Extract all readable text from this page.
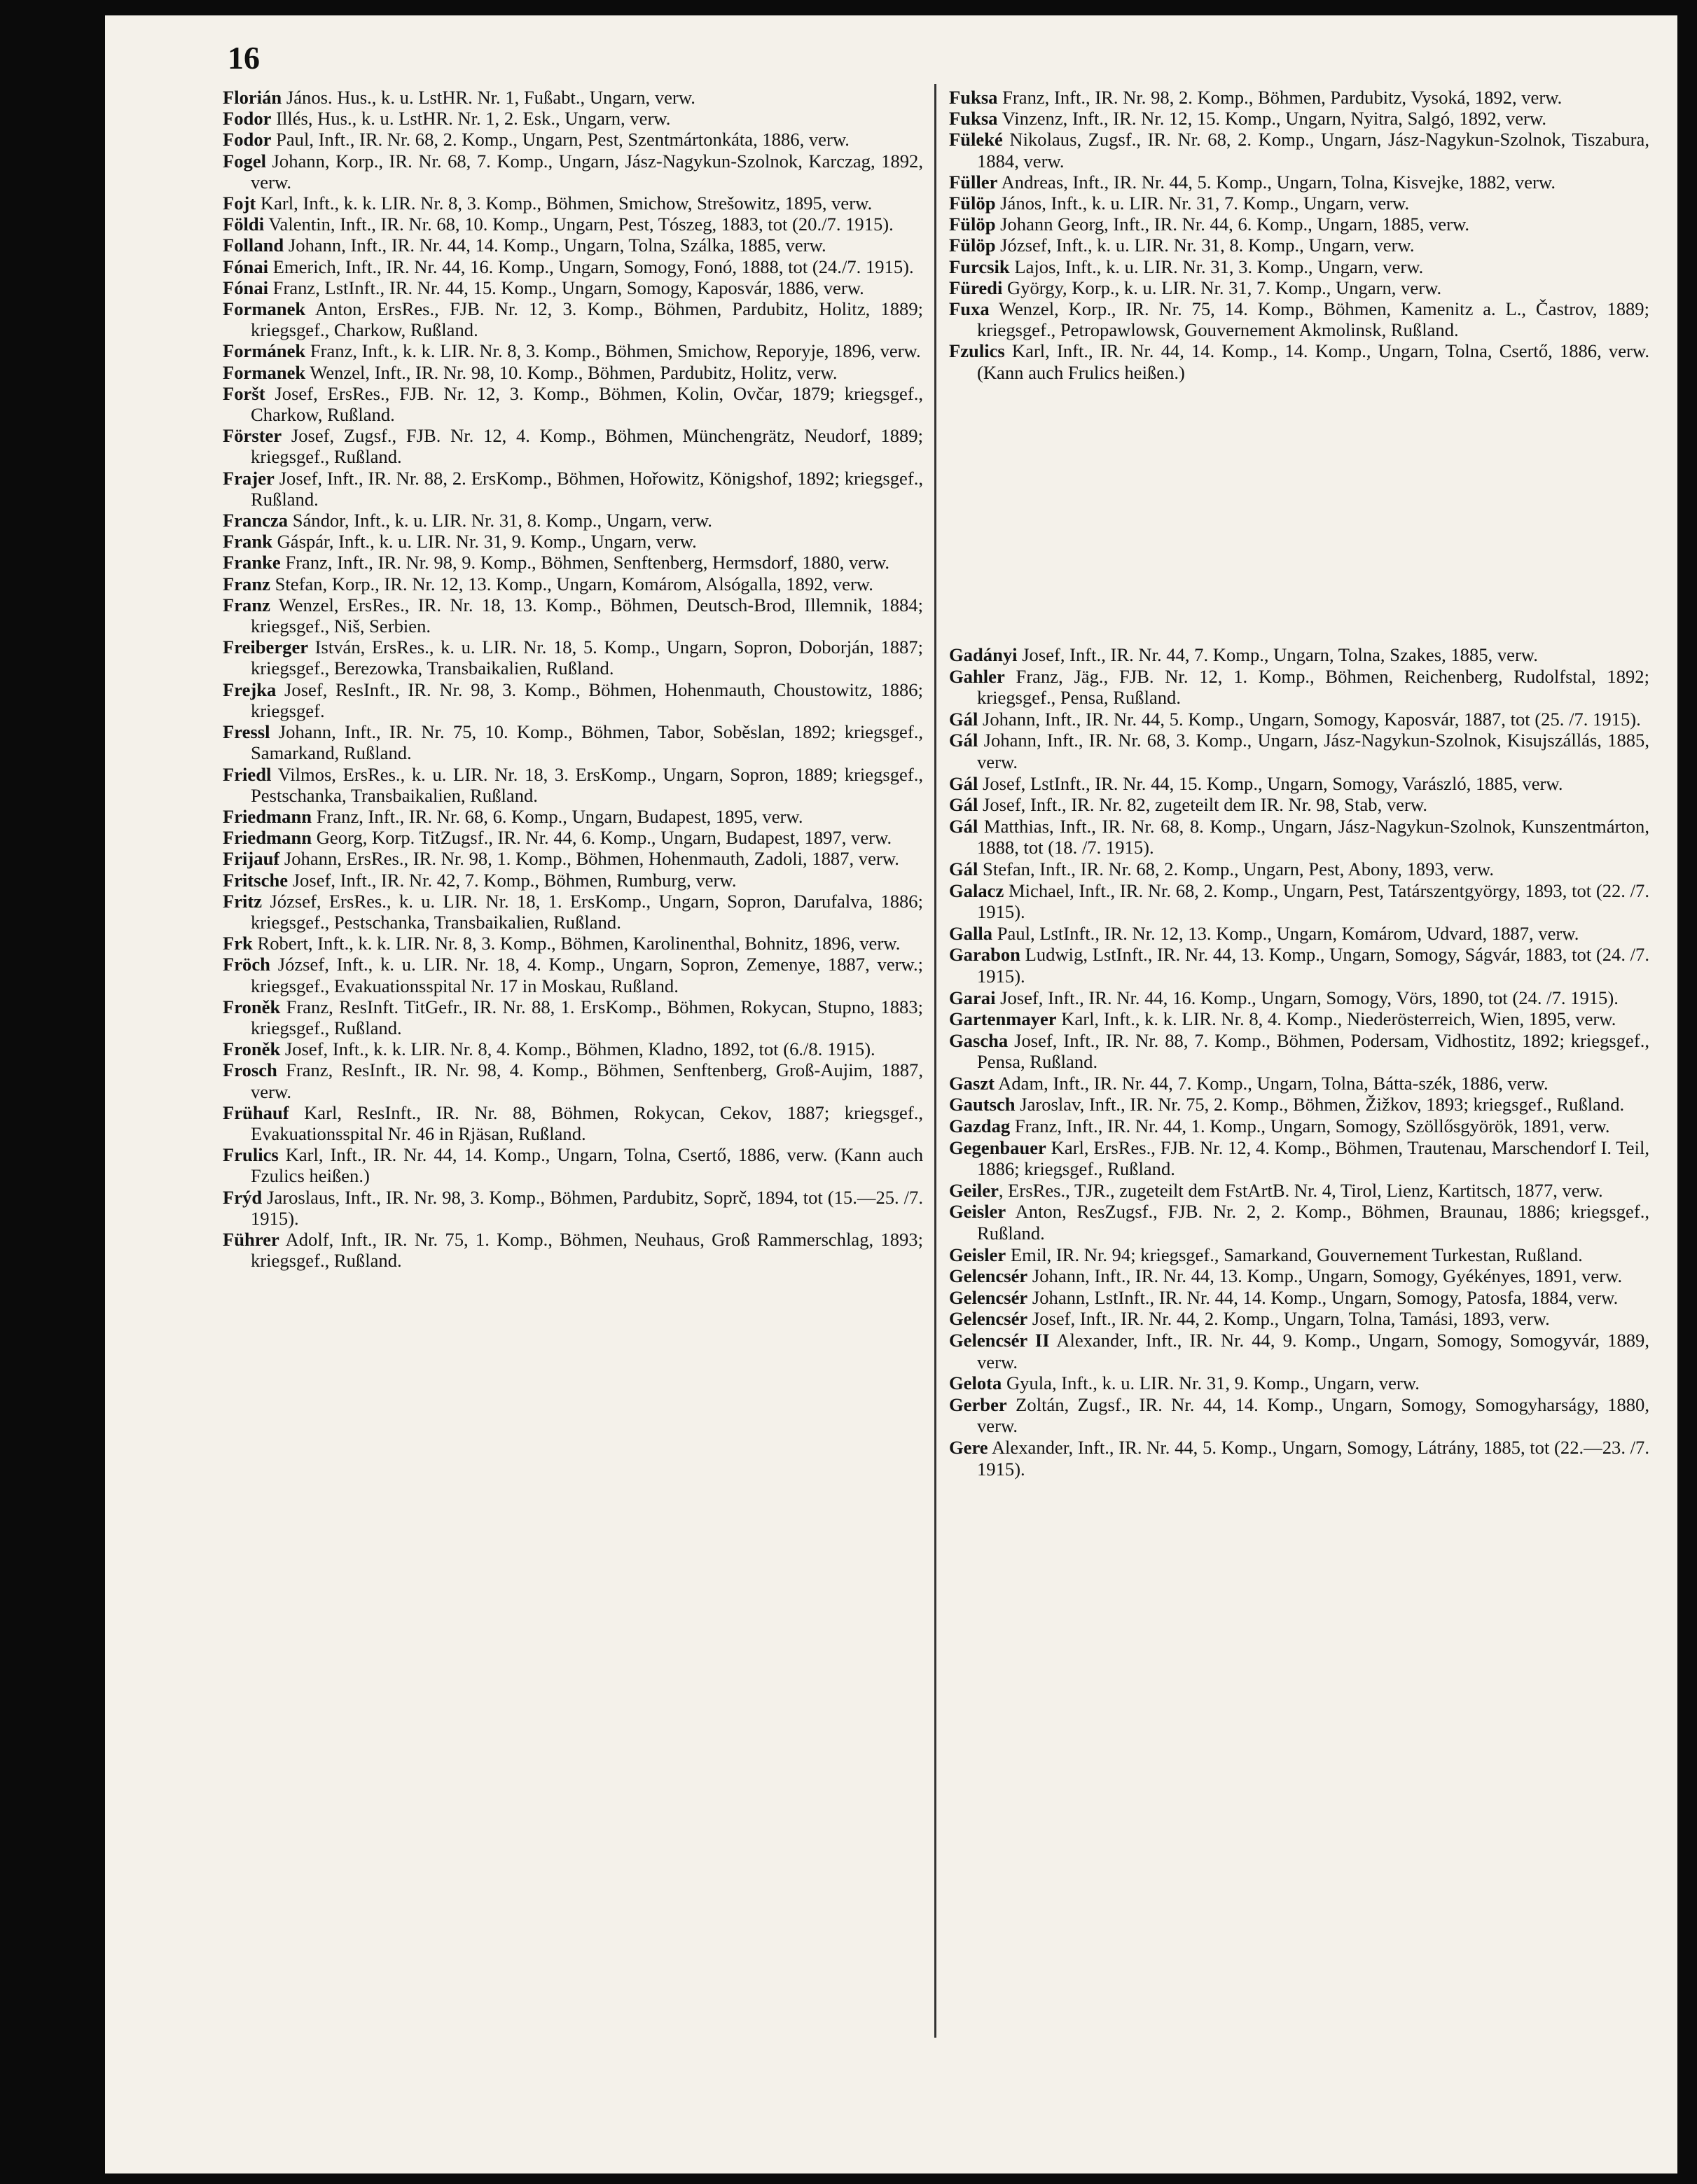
16
Florián János. Hus., k. u. LstHR. Nr. 1, Fußabt., Ungarn, verw.
Fodor Illés, Hus., k. u. LstHR. Nr. 1, 2. Esk., Ungarn, verw.
Fodor Paul, Inft., IR. Nr. 68, 2. Komp., Ungarn, Pest, Szentmártonkáta, 1886, verw.
Fogel Johann, Korp., IR. Nr. 68, 7. Komp., Ungarn, Jász-Nagykun-Szolnok, Karczag, 1892, verw.
Fojt Karl, Inft., k. k. LIR. Nr. 8, 3. Komp., Böhmen, Smichow, Strešowitz, 1895, verw.
Földi Valentin, Inft., IR. Nr. 68, 10. Komp., Ungarn, Pest, Tószeg, 1883, tot (20./7. 1915).
Folland Johann, Inft., IR. Nr. 44, 14. Komp., Ungarn, Tolna, Szálka, 1885, verw.
Fónai Emerich, Inft., IR. Nr. 44, 16. Komp., Ungarn, Somogy, Fonó, 1888, tot (24./7. 1915).
Fónai Franz, LstInft., IR. Nr. 44, 15. Komp., Ungarn, Somogy, Kaposvár, 1886, verw.
Formanek Anton, ErsRes., FJB. Nr. 12, 3. Komp., Böhmen, Pardubitz, Holitz, 1889; kriegsgef., Charkow, Rußland.
Formánek Franz, Inft., k. k. LIR. Nr. 8, 3. Komp., Böhmen, Smichow, Reporyje, 1896, verw.
Formanek Wenzel, Inft., IR. Nr. 98, 10. Komp., Böhmen, Pardubitz, Holitz, verw.
Foršt Josef, ErsRes., FJB. Nr. 12, 3. Komp., Böhmen, Kolin, Ovčar, 1879; kriegsgef., Charkow, Rußland.
Förster Josef, Zugsf., FJB. Nr. 12, 4. Komp., Böhmen, Münchengrätz, Neudorf, 1889; kriegsgef., Rußland.
Frajer Josef, Inft., IR. Nr. 88, 2. ErsKomp., Böhmen, Hořowitz, Königshof, 1892; kriegsgef., Rußland.
Francza Sándor, Inft., k. u. LIR. Nr. 31, 8. Komp., Ungarn, verw.
Frank Gáspár, Inft., k. u. LIR. Nr. 31, 9. Komp., Ungarn, verw.
Franke Franz, Inft., IR. Nr. 98, 9. Komp., Böhmen, Senftenberg, Hermsdorf, 1880, verw.
Franz Stefan, Korp., IR. Nr. 12, 13. Komp., Ungarn, Komárom, Alsógalla, 1892, verw.
Franz Wenzel, ErsRes., IR. Nr. 18, 13. Komp., Böhmen, Deutsch-Brod, Illemnik, 1884; kriegsgef., Niš, Serbien.
Freiberger István, ErsRes., k. u. LIR. Nr. 18, 5. Komp., Ungarn, Sopron, Doborján, 1887; kriegsgef., Berezowka, Transbaikalien, Rußland.
Frejka Josef, ResInft., IR. Nr. 98, 3. Komp., Böhmen, Hohenmauth, Choustowitz, 1886; kriegsgef.
Fressl Johann, Inft., IR. Nr. 75, 10. Komp., Böhmen, Tabor, Soběslan, 1892; kriegsgef., Samarkand, Rußland.
Friedl Vilmos, ErsRes., k. u. LIR. Nr. 18, 3. ErsKomp., Ungarn, Sopron, 1889; kriegsgef., Pestschanka, Transbaikalien, Rußland.
Friedmann Franz, Inft., IR. Nr. 68, 6. Komp., Ungarn, Budapest, 1895, verw.
Friedmann Georg, Korp. TitZugsf., IR. Nr. 44, 6. Komp., Ungarn, Budapest, 1897, verw.
Frijauf Johann, ErsRes., IR. Nr. 98, 1. Komp., Böhmen, Hohenmauth, Zadoli, 1887, verw.
Fritsche Josef, Inft., IR. Nr. 42, 7. Komp., Böhmen, Rumburg, verw.
Fritz József, ErsRes., k. u. LIR. Nr. 18, 1. ErsKomp., Ungarn, Sopron, Darufalva, 1886; kriegsgef., Pestschanka, Transbaikalien, Rußland.
Frk Robert, Inft., k. k. LIR. Nr. 8, 3. Komp., Böhmen, Karolinenthal, Bohnitz, 1896, verw.
Fröch József, Inft., k. u. LIR. Nr. 18, 4. Komp., Ungarn, Sopron, Zemenye, 1887, verw.; kriegsgef., Evakuationsspital Nr. 17 in Moskau, Rußland.
Froněk Franz, ResInft. TitGefr., IR. Nr. 88, 1. ErsKomp., Böhmen, Rokycan, Stupno, 1883; kriegsgef., Rußland.
Froněk Josef, Inft., k. k. LIR. Nr. 8, 4. Komp., Böhmen, Kladno, 1892, tot (6./8. 1915).
Frosch Franz, ResInft., IR. Nr. 98, 4. Komp., Böhmen, Senftenberg, Groß-Aujim, 1887, verw.
Frühauf Karl, ResInft., IR. Nr. 88, Böhmen, Rokycan, Cekov, 1887; kriegsgef., Evakuationsspital Nr. 46 in Rjäsan, Rußland.
Frulics Karl, Inft., IR. Nr. 44, 14. Komp., Ungarn, Tolna, Csertő, 1886, verw. (Kann auch Fzulics heißen.)
Frýd Jaroslaus, Inft., IR. Nr. 98, 3. Komp., Böhmen, Pardubitz, Soprč, 1894, tot (15.—25. /7. 1915).
Führer Adolf, Inft., IR. Nr. 75, 1. Komp., Böhmen, Neuhaus, Groß Rammerschlag, 1893; kriegsgef., Rußland.
Fuksa Franz, Inft., IR. Nr. 98, 2. Komp., Böhmen, Pardubitz, Vysoká, 1892, verw.
Fuksa Vinzenz, Inft., IR. Nr. 12, 15. Komp., Ungarn, Nyitra, Salgó, 1892, verw.
Füleké Nikolaus, Zugsf., IR. Nr. 68, 2. Komp., Ungarn, Jász-Nagykun-Szolnok, Tiszabura, 1884, verw.
Füller Andreas, Inft., IR. Nr. 44, 5. Komp., Ungarn, Tolna, Kisvejke, 1882, verw.
Fülöp János, Inft., k. u. LIR. Nr. 31, 7. Komp., Ungarn, verw.
Fülöp Johann Georg, Inft., IR. Nr. 44, 6. Komp., Ungarn, 1885, verw.
Fülöp József, Inft., k. u. LIR. Nr. 31, 8. Komp., Ungarn, verw.
Furcsik Lajos, Inft., k. u. LIR. Nr. 31, 3. Komp., Ungarn, verw.
Füredi György, Korp., k. u. LIR. Nr. 31, 7. Komp., Ungarn, verw.
Fuxa Wenzel, Korp., IR. Nr. 75, 14. Komp., Böhmen, Kamenitz a. L., Častrov, 1889; kriegsgef., Petropawlowsk, Gouvernement Akmolinsk, Rußland.
Fzulics Karl, Inft., IR. Nr. 44, 14. Komp., 14. Komp., Ungarn, Tolna, Csertő, 1886, verw. (Kann auch Frulics heißen.)
Gadányi Josef, Inft., IR. Nr. 44, 7. Komp., Ungarn, Tolna, Szakes, 1885, verw.
Gahler Franz, Jäg., FJB. Nr. 12, 1. Komp., Böhmen, Reichenberg, Rudolfstal, 1892; kriegsgef., Pensa, Rußland.
Gál Johann, Inft., IR. Nr. 44, 5. Komp., Ungarn, Somogy, Kaposvár, 1887, tot (25. /7. 1915).
Gál Johann, Inft., IR. Nr. 68, 3. Komp., Ungarn, Jász-Nagykun-Szolnok, Kisujszállás, 1885, verw.
Gál Josef, LstInft., IR. Nr. 44, 15. Komp., Ungarn, Somogy, Varászló, 1885, verw.
Gál Josef, Inft., IR. Nr. 82, zugeteilt dem IR. Nr. 98, Stab, verw.
Gál Matthias, Inft., IR. Nr. 68, 8. Komp., Ungarn, Jász-Nagykun-Szolnok, Kunszentmárton, 1888, tot (18. /7. 1915).
Gál Stefan, Inft., IR. Nr. 68, 2. Komp., Ungarn, Pest, Abony, 1893, verw.
Galacz Michael, Inft., IR. Nr. 68, 2. Komp., Ungarn, Pest, Tatárszentgyörgy, 1893, tot (22. /7. 1915).
Galla Paul, LstInft., IR. Nr. 12, 13. Komp., Ungarn, Komárom, Udvard, 1887, verw.
Garabon Ludwig, LstInft., IR. Nr. 44, 13. Komp., Ungarn, Somogy, Ságvár, 1883, tot (24. /7. 1915).
Garai Josef, Inft., IR. Nr. 44, 16. Komp., Ungarn, Somogy, Vörs, 1890, tot (24. /7. 1915).
Gartenmayer Karl, Inft., k. k. LIR. Nr. 8, 4. Komp., Niederösterreich, Wien, 1895, verw.
Gascha Josef, Inft., IR. Nr. 88, 7. Komp., Böhmen, Podersam, Vidhostitz, 1892; kriegsgef., Pensa, Rußland.
Gaszt Adam, Inft., IR. Nr. 44, 7. Komp., Ungarn, Tolna, Bátta-szék, 1886, verw.
Gautsch Jaroslav, Inft., IR. Nr. 75, 2. Komp., Böhmen, Žižkov, 1893; kriegsgef., Rußland.
Gazdag Franz, Inft., IR. Nr. 44, 1. Komp., Ungarn, Somogy, Szöllősgyörök, 1891, verw.
Gegenbauer Karl, ErsRes., FJB. Nr. 12, 4. Komp., Böhmen, Trautenau, Marschendorf I. Teil, 1886; kriegsgef., Rußland.
Geiler, ErsRes., TJR., zugeteilt dem FstArtB. Nr. 4, Tirol, Lienz, Kartitsch, 1877, verw.
Geisler Anton, ResZugsf., FJB. Nr. 2, 2. Komp., Böhmen, Braunau, 1886; kriegsgef., Rußland.
Geisler Emil, IR. Nr. 94; kriegsgef., Samarkand, Gouvernement Turkestan, Rußland.
Gelencsér Johann, Inft., IR. Nr. 44, 13. Komp., Ungarn, Somogy, Gyékényes, 1891, verw.
Gelencsér Johann, LstInft., IR. Nr. 44, 14. Komp., Ungarn, Somogy, Patosfa, 1884, verw.
Gelencsér Josef, Inft., IR. Nr. 44, 2. Komp., Ungarn, Tolna, Tamási, 1893, verw.
Gelencsér II Alexander, Inft., IR. Nr. 44, 9. Komp., Ungarn, Somogy, Somogyvár, 1889, verw.
Gelota Gyula, Inft., k. u. LIR. Nr. 31, 9. Komp., Ungarn, verw.
Gerber Zoltán, Zugsf., IR. Nr. 44, 14. Komp., Ungarn, Somogy, Somogyharságy, 1880, verw.
Gere Alexander, Inft., IR. Nr. 44, 5. Komp., Ungarn, Somogy, Látrány, 1885, tot (22.—23. /7. 1915).
